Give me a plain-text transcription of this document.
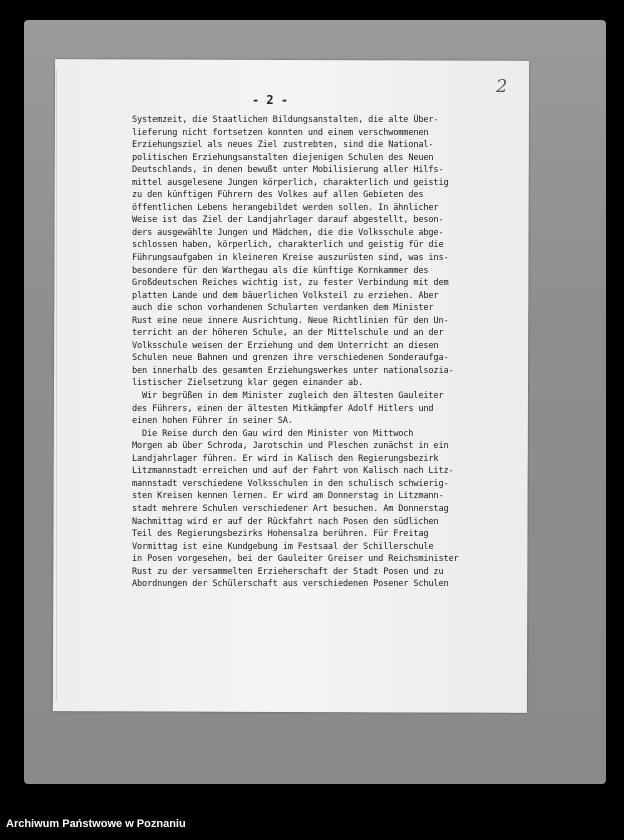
- 2 -
2
Systemzeit, die Staatlichen Bildungsanstalten, die alte Über-
lieferung nicht fortsetzen konnten und einem verschwommenen
Erziehungsziel als neues Ziel zustrebten, sind die National-
politischen Erziehungsanstalten diejenigen Schulen des Neuen
Deutschlands, in denen bewußt unter Mobilisierung aller Hilfs-
mittel ausgelesene Jungen körperlich, charakterlich und geistig
zu den künftigen Führern des Volkes auf allen Gebieten des
öffentlichen Lebens herangebildet werden sollen. In ähnlicher
Weise ist das Ziel der Landjahrlager darauf abgestellt, beson-
ders ausgewählte Jungen und Mädchen, die die Volksschule abge-
schlossen haben, körperlich, charakterlich und geistig für die
Führungsaufgaben in kleineren Kreise auszurüsten sind, was ins-
besondere für den Warthegau als die künftige Kornkammer des
Großdeutschen Reiches wichtig ist, zu fester Verbindung mit dem
platten Lande und dem bäuerlichen Volksteil zu erziehen. Aber
auch die schon vorhandenen Schularten verdanken dem Minister
Rust eine neue innere Ausrichtung. Neue Richtlinien für den Un-
terricht an der höheren Schule, an der Mittelschule und an der
Volksschule weisen der Erziehung und dem Unterricht an diesen
Schulen neue Bahnen und grenzen ihre verschiedenen Sonderaufga-
ben innerhalb des gesamten Erziehungswerkes unter nationalsozia-
listischer Zielsetzung klar gegen einander ab.
Wir begrüßen in dem Minister zugleich den ältesten Gauleiter
des Führers, einen der ältesten Mitkämpfer Adolf Hitlers und
einen hohen Führer in seiner SA.
Die Reise durch den Gau wird den Minister von Mittwoch
Morgen ab über Schroda, Jarotschin und Pleschen zunächst in ein
Landjahrlager führen. Er wird in Kalisch den Regierungsbezirk
Litzmannstadt erreichen und auf der Fahrt von Kalisch nach Litz-
mannstadt verschiedene Volksschulen in den schulisch schwierig-
sten Kreisen kennen lernen. Er wird am Donnerstag in Litzmann-
stadt mehrere Schulen verschiedener Art besuchen. Am Donnerstag
Nachmittag wird er auf der Rückfahrt nach Posen den südlichen
Teil des Regierungsbezirks Hohensalza berühren. Für Freitag
Vormittag ist eine Kundgebung im Festsaal der Schillerschule
in Posen vorgesehen, bei der Gauleiter Greiser und Reichsminister
Rust zu der versammelten Erzieherschaft der Stadt Posen und zu
Abordnungen der Schülerschaft aus verschiedenen Posener Schulen
Archiwum Państwowe w Poznaniu
